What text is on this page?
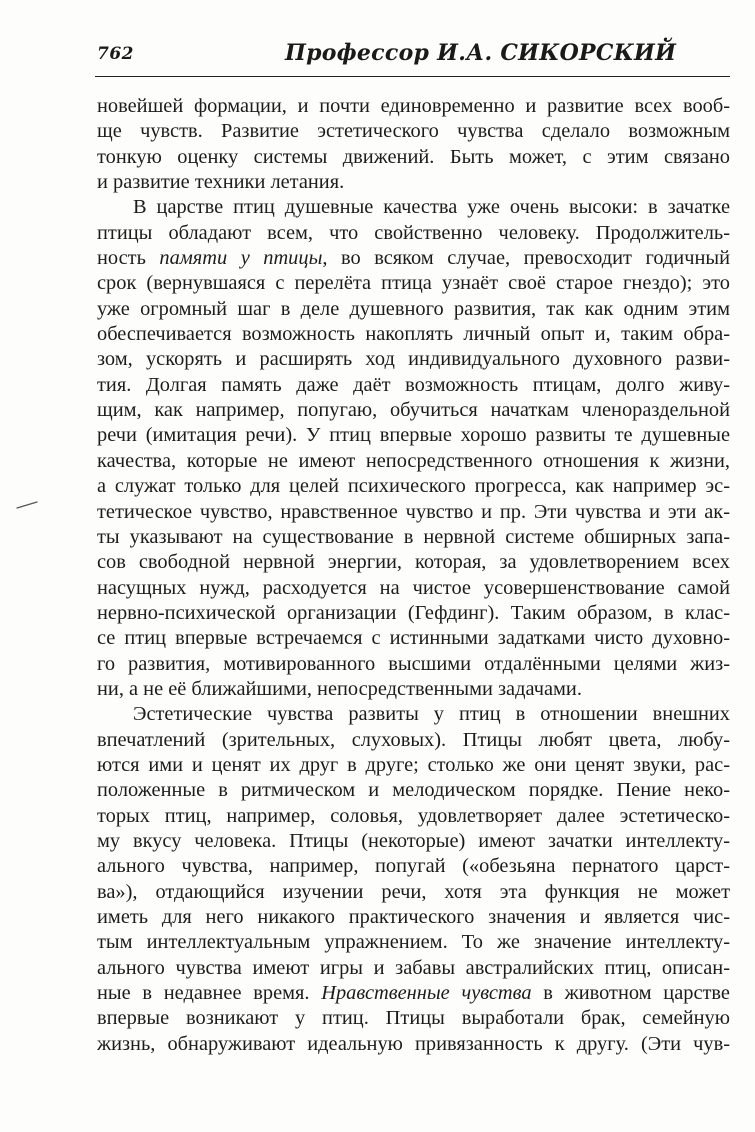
762	Профессор И.А. СИКОРСКИЙ
новейшей формации, и почти единовременно и развитие всех вооб-
ще чувств. Развитие эстетического чувства сделало возможным
тонкую оценку системы движений. Быть может, с этим связано
и развитие техники летания.
В царстве птиц душевные качества уже очень высоки: в зачатке
птицы обладают всем, что свойственно человеку. Продолжитель-
ность памяти у птицы, во всяком случае, превосходит годичный
срок (вернувшаяся с перелёта птица узнаёт своё старое гнездо); это
уже огромный шаг в деле душевного развития, так как одним этим
обеспечивается возможность накоплять личный опыт и, таким обра-
зом, ускорять и расширять ход индивидуального духовного разви-
тия. Долгая память даже даёт возможность птицам, долго живу-
щим, как например, попугаю, обучиться начаткам членораздельной
речи (имитация речи). У птиц впервые хорошо развиты те душевные
качества, которые не имеют непосредственного отношения к жизни,
а служат только для целей психического прогресса, как например эс-
тетическое чувство, нравственное чувство и пр. Эти чувства и эти ак-
ты указывают на существование в нервной системе обширных запа-
сов свободной нервной энергии, которая, за удовлетворением всех
насущных нужд, расходуется на чистое усовершенствование самой
нервно-психической организации (Гефдинг). Таким образом, в клас-
се птиц впервые встречаемся с истинными задатками чисто духовно-
го развития, мотивированного высшими отдалёнными целями жиз-
ни, а не её ближайшими, непосредственными задачами.
Эстетические чувства развиты у птиц в отношении внешних
впечатлений (зрительных, слуховых). Птицы любят цвета, любу-
ются ими и ценят их друг в друге; столько же они ценят звуки, рас-
положенные в ритмическом и мелодическом порядке. Пение неко-
торых птиц, например, соловья, удовлетворяет далее эстетическо-
му вкусу человека. Птицы (некоторые) имеют зачатки интеллекту-
ального чувства, например, попугай («обезьяна пернатого царст-
ва»), отдающийся изучении речи, хотя эта функция не может
иметь для него никакого практического значения и является чис-
тым интеллектуальным упражнением. То же значение интеллекту-
ального чувства имеют игры и забавы австралийских птиц, описан-
ные в недавнее время. Нравственные чувства в животном царстве
впервые возникают у птиц. Птицы выработали брак, семейную
жизнь, обнаруживают идеальную привязанность к другу. (Эти чув-
